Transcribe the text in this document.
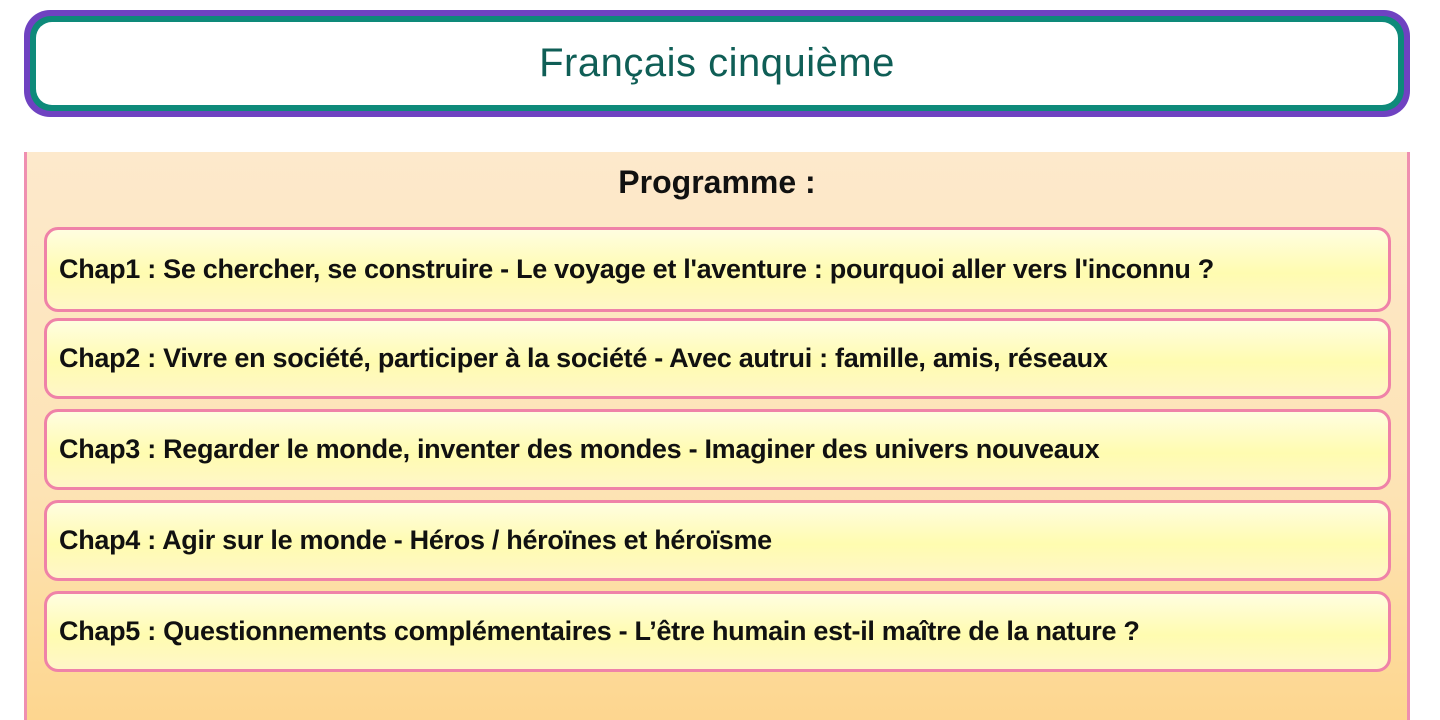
Français cinquième
Programme :
Chap1 : Se chercher, se construire - Le voyage et l'aventure : pourquoi aller vers l'inconnu ?
Chap2 : Vivre en société, participer à la société - Avec autrui : famille, amis, réseaux
Chap3 : Regarder le monde, inventer des mondes - Imaginer des univers nouveaux
Chap4 : Agir sur le monde - Héros / héroïnes et héroïsme
Chap5 : Questionnements complémentaires - L’être humain est-il maître de la nature ?
